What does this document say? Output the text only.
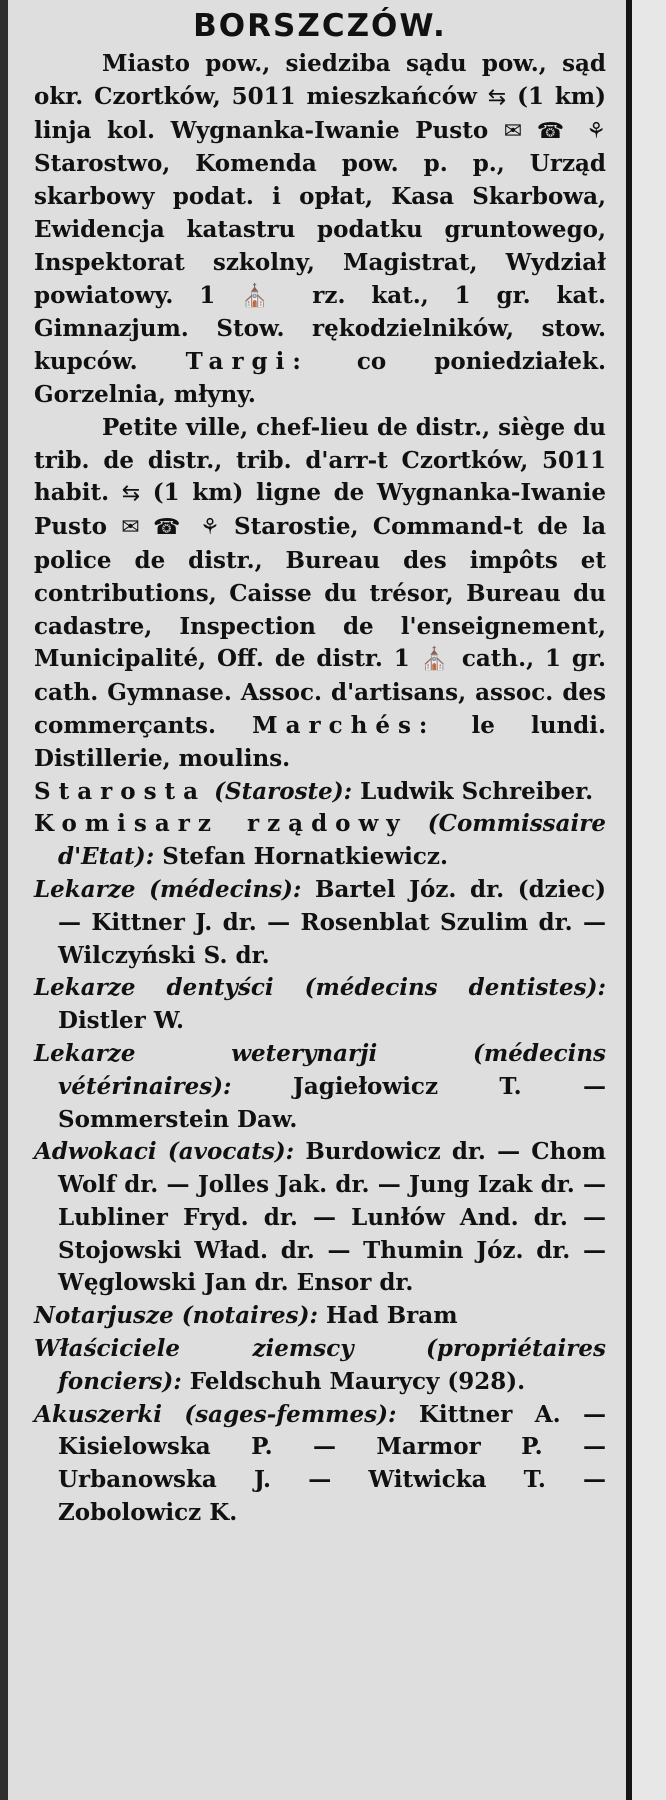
BORSZCZÓW.

Miasto pow., siedziba sądu pow., sąd okr. Czortków, 5011 mieszkańców ⇆ (1 km) linja kol. Wygnanka-Iwanie Pusto ✉ ☎ ⚘ Starostwo, Komenda pow. p. p., Urząd skarbowy podat. i opłat, Kasa Skarbowa, Ewidencja katastru podatku gruntowego, Inspektorat szkolny, Magistrat, Wydział powiatowy. 1 ⛪ rz. kat., 1 gr. kat. Gimnazjum. Stow. rękodzielników, stow. kupców. Targi: co poniedziałek. Gorzelnia, młyny.

Petite ville, chef-lieu de distr., siège du trib. de distr., trib. d'arr-t Czortków, 5011 habit. ⇆ (1 km) ligne de Wygnanka-Iwanie Pusto ✉ ☎ ⚘ Starostie, Command-t de la police de distr., Bureau des impôts et contributions, Caisse du trésor, Bureau du cadastre, Inspection de l'enseignement, Municipalité, Off. de distr. 1 ⛪ cath., 1 gr. cath. Gymnase. Assoc. d'artisans, assoc. des commerçants. Marchés: le lundi. Distillerie, moulins.

Starosta (Staroste): Ludwik Schreiber.

Komisarz rządowy (Commissaire d'Etat): Stefan Hornatkiewicz.

Lekarze (médecins): Bartel Józ. dr. (dziec) — Kittner J. dr. — Rosenblat Szulim dr. — Wilczyński S. dr.

Lekarze dentyści (médecins dentistes): Distler W.

Lekarze weterynarji (médecins vétérinaires):	Jagiełowicz T. — Sommerstein Daw.

Adwokaci (avocats): Burdowicz dr. — Chom Wolf dr. — Jolles Jak. dr. — Jung Izak dr. — Lubliner Fryd. dr. — Lunłów And. dr. — Stojowski Wład. dr. — Thumin Józ. dr. — Węglowski Jan dr. Ensor dr.

Notarjusze (notaires): Had Bram

Właściciele ziemscy (propriétaires fonciers): Feldschuh Maurycy (928).

Akuszerki (sages-femmes): Kittner A. — Kisielowska P. — Marmor P. — Urbanowska J. — Witwicka T. — Zobolowicz K.
